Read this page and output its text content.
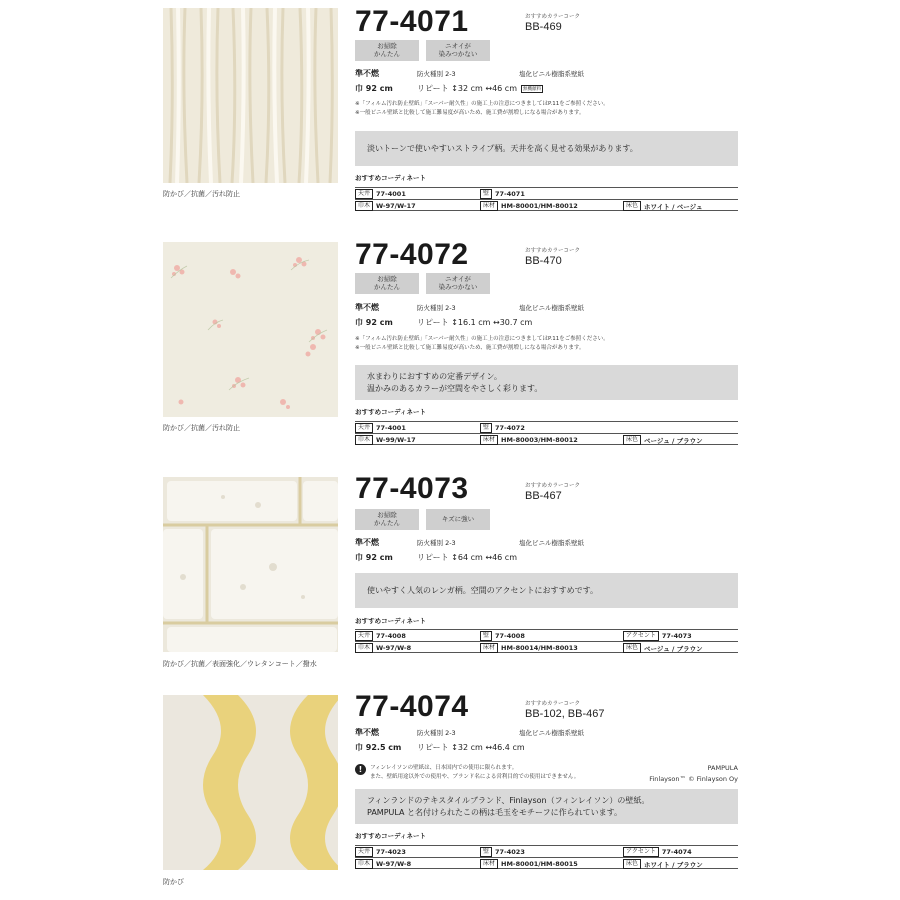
防かび／抗菌／汚れ防止
77-4071	おすすめカラーコーク
BB-469
お掃除
かんたん
ニオイが
染みつかない
準不燃	防火種別 2-3	塩化ビニル樹脂系壁紙
巾 92 cm	リピート ↕32 cm ↔46 cm	無機顔料
※「フィルム汚れ防止壁紙」「スーパー耐久性」の施工上の注意につきましてはP.11をご参照ください。
※一般ビニル壁紙と比較して施工難易度が高いため、施工費が割増しになる場合があります。
淡いトーンで使いやすいストライプ柄。天井を高く見せる効果があります。
おすすめコーディネート
天井 77-4001	壁 77-4071
巾木 W-97/W-17	床材 HM-80001/HM-80012	床色 ホワイト / ベージュ
防かび／抗菌／汚れ防止
77-4072	おすすめカラーコーク
BB-470
お掃除
かんたん
ニオイが
染みつかない
準不燃	防火種別 2-3	塩化ビニル樹脂系壁紙
巾 92 cm	リピート ↕16.1 cm ↔30.7 cm
※「フィルム汚れ防止壁紙」「スーパー耐久性」の施工上の注意につきましてはP.11をご参照ください。
※一般ビニル壁紙と比較して施工難易度が高いため、施工費が割増しになる場合があります。
水まわりにおすすめの定番デザイン。
温かみのあるカラーが空間をやさしく彩ります。
おすすめコーディネート
天井 77-4001	壁 77-4072
巾木 W-99/W-17	床材 HM-80003/HM-80012	床色 ベージュ / ブラウン
防かび／抗菌／表面強化／ウレタンコート／撥水
77-4073	おすすめカラーコーク
BB-467
お掃除
かんたん	キズに強い
準不燃	防火種別 2-3	塩化ビニル樹脂系壁紙
巾 92 cm	リピート ↕64 cm ↔46 cm
使いやすく人気のレンガ柄。空間のアクセントにおすすめです。
おすすめコーディネート
天井 77-4008	壁 77-4008	アクセント 77-4073
巾木 W-97/W-8	床材 HM-80014/HM-80013	床色 ベージュ / ブラウン
防かび
77-4074	おすすめカラーコーク
BB-102, BB-467
準不燃	防火種別 2-3	塩化ビニル樹脂系壁紙
巾 92.5 cm	リピート ↕32 cm ↔46.4 cm
!	フィンレイソンの壁紙は、日本国内での使用に限られます。
また、壁紙用途以外での使用や、ブランド名による営利目的での使用はできません。
PAMPULA
Finlayson™ © Finlayson Oy
フィンランドのテキスタイルブランド、Finlayson（フィンレイソン）の壁紙。
PAMPULA と名付けられたこの柄は毛玉をモチーフに作られています。
おすすめコーディネート
天井 77-4023	壁 77-4023	アクセント 77-4074
巾木 W-97/W-8	床材 HM-80001/HM-80015	床色 ホワイト / ブラウン
